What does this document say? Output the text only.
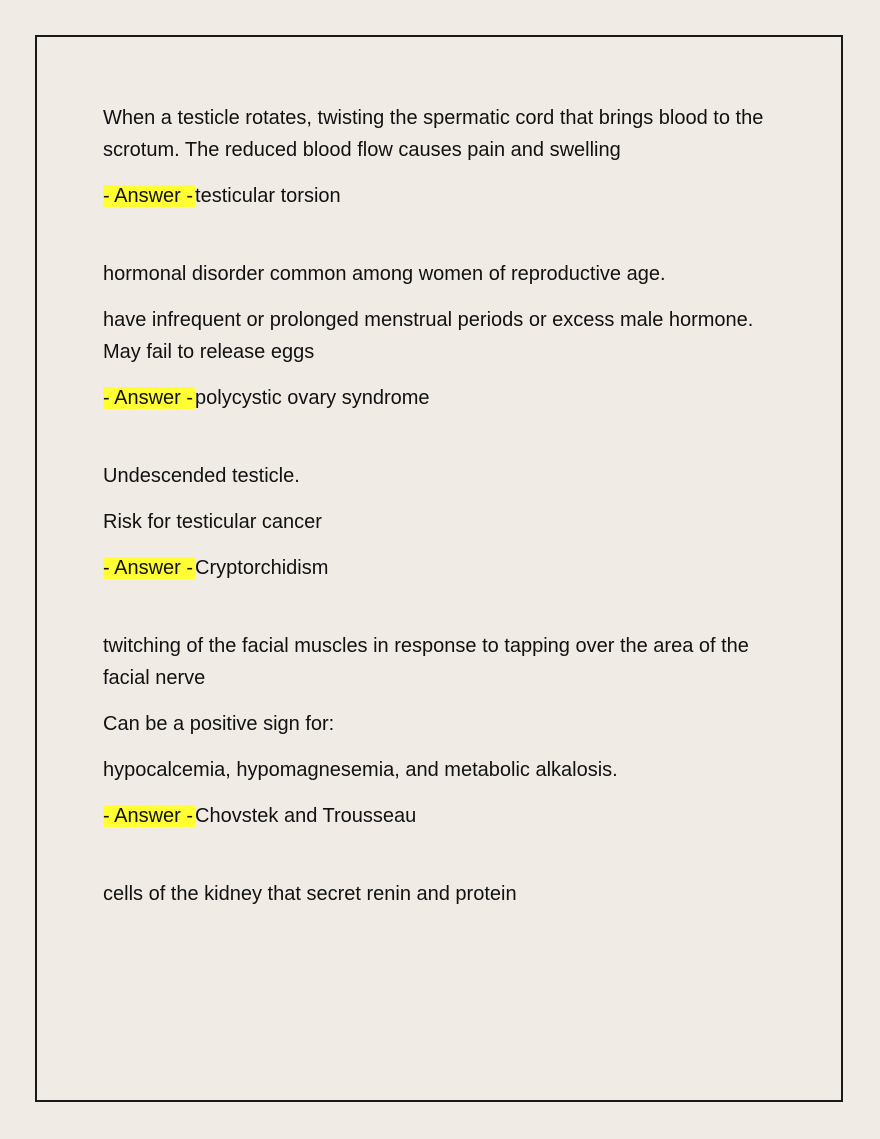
When a testicle rotates, twisting the spermatic cord that brings blood to the scrotum. The reduced blood flow causes pain and swelling

- Answer - testicular torsion

hormonal disorder common among women of reproductive age.

have infrequent or prolonged menstrual periods or excess male hormone. May fail to release eggs

- Answer - polycystic ovary syndrome

Undescended testicle.

Risk for testicular cancer

- Answer - Cryptorchidism

twitching of the facial muscles in response to tapping over the area of the facial nerve

Can be a positive sign for:

hypocalcemia, hypomagnesemia, and metabolic alkalosis.

- Answer - Chovstek and Trousseau

cells of the kidney that secret renin and protein
